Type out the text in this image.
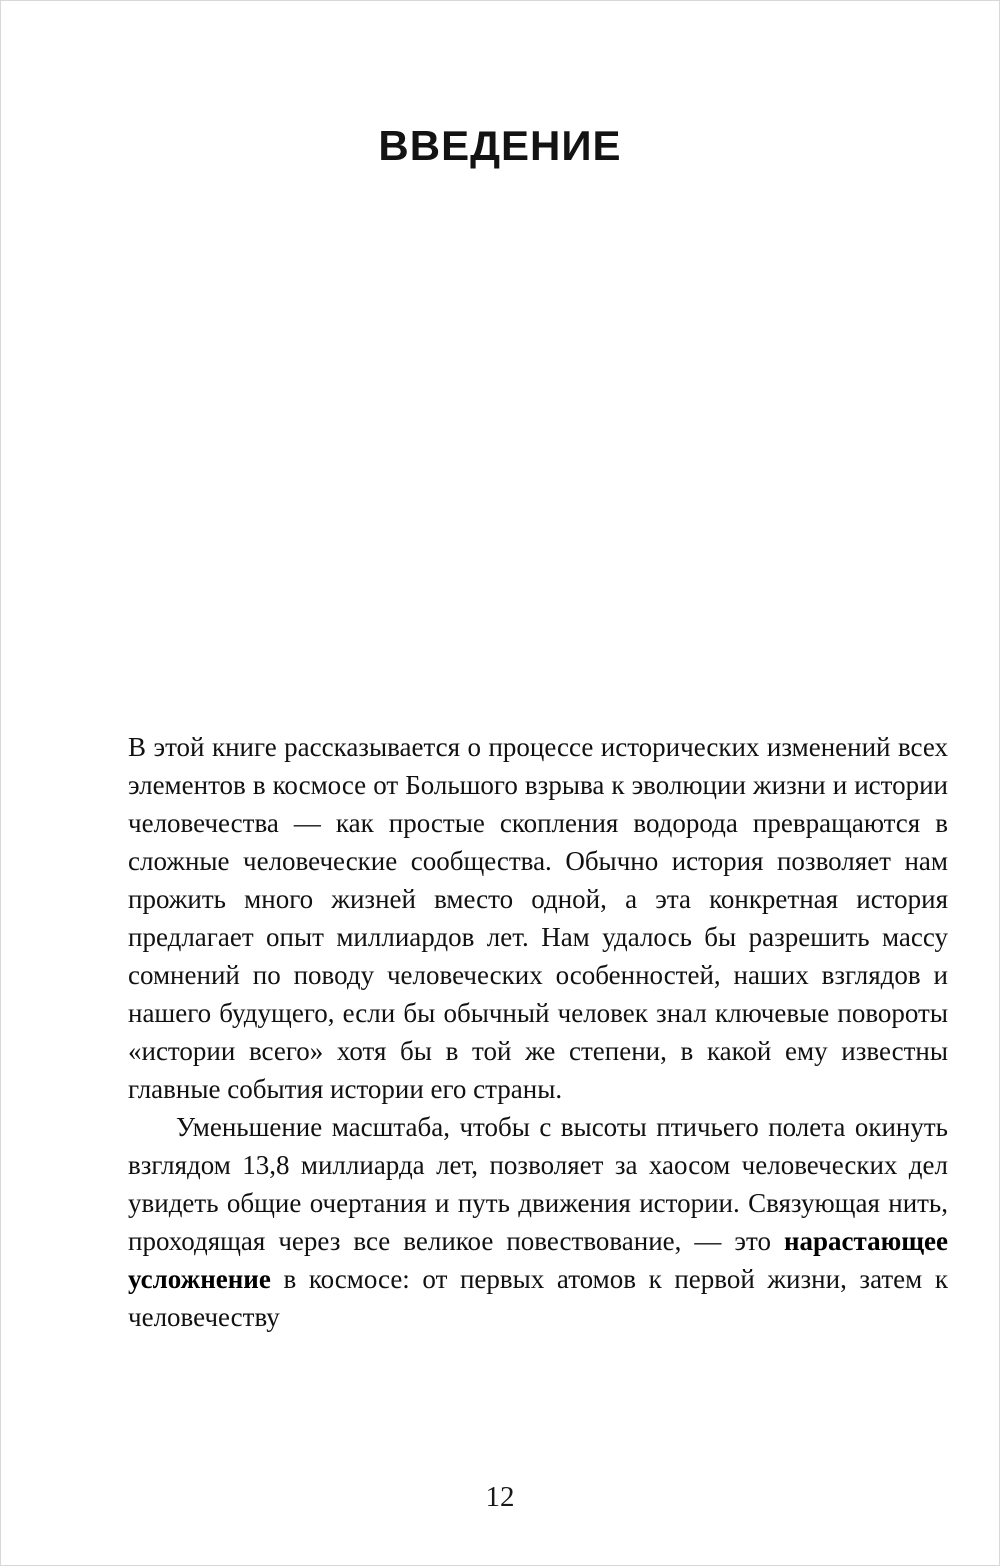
ВВЕДЕНИЕ

В этой книге рассказывается о процессе исторических изменений всех элементов в космосе от Большого взрыва к эволюции жизни и истории человечества — как простые скопления водорода превращаются в сложные человеческие сообщества. Обычно история позволяет нам прожить много жизней вместо одной, а эта конкретная история предлагает опыт миллиардов лет. Нам удалось бы разрешить массу сомнений по поводу человеческих особенностей, наших взглядов и нашего будущего, если бы обычный человек знал ключевые повороты «истории всего» хотя бы в той же степени, в какой ему известны главные события истории его страны.

Уменьшение масштаба, чтобы с высоты птичьего полета окинуть взглядом 13,8 миллиарда лет, позволяет за хаосом человеческих дел увидеть общие очертания и путь движения истории. Связующая нить, проходящая через все великое повествование, — это нарастающее усложнение в космосе: от первых атомов к первой жизни, затем к человечеству

12
